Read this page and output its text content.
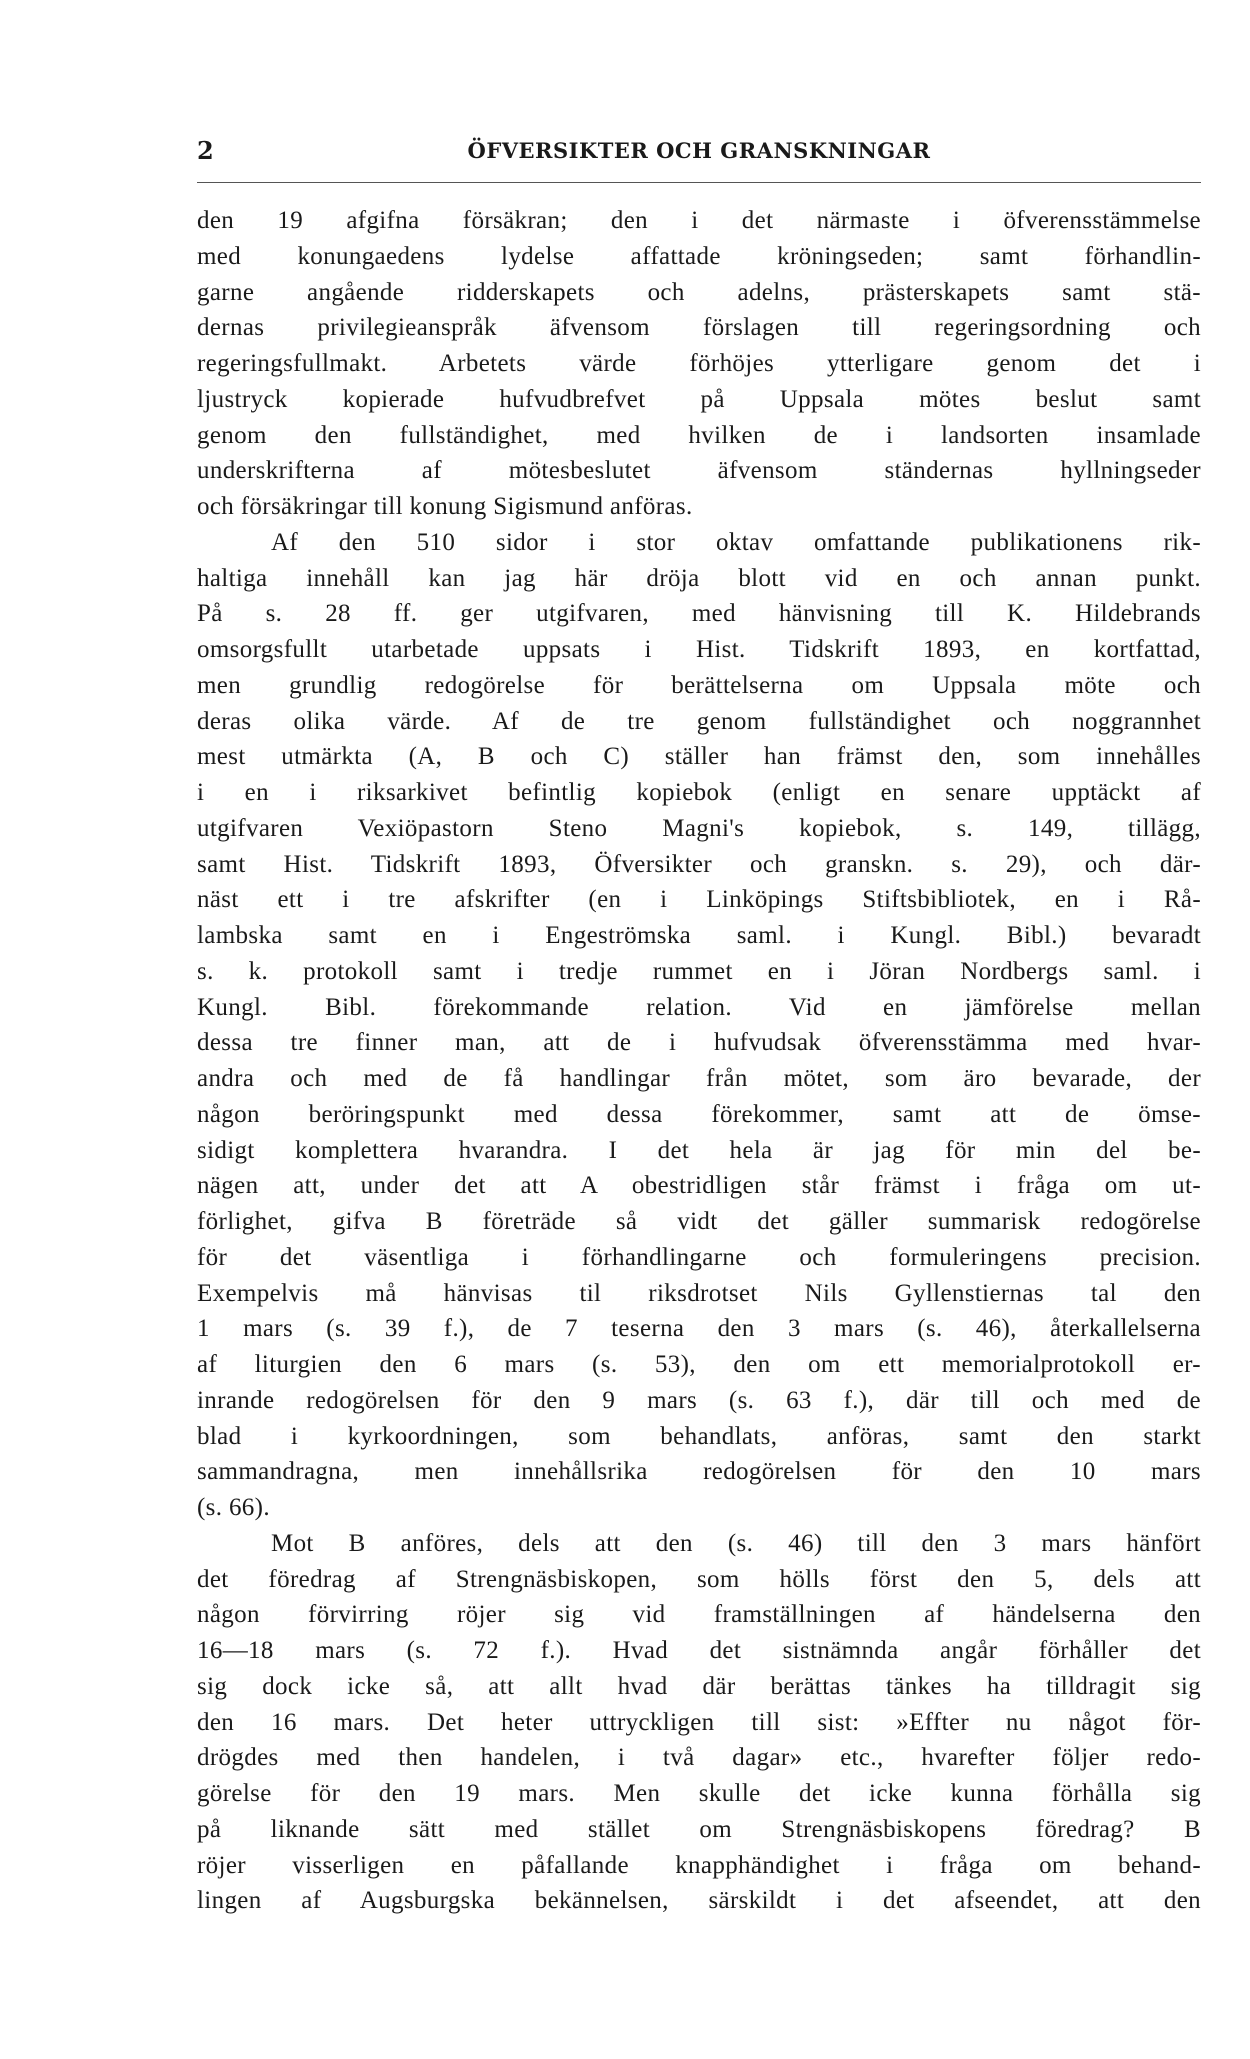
2	ÖFVERSIKTER OCH GRANSKNINGAR
den 19 afgifna försäkran; den i det närmaste i öfverensstämmelse
med konungaedens lydelse affattade kröningseden; samt förhandlin-
garne angående ridderskapets och adelns, prästerskapets samt stä-
dernas privilegieanspråk äfvensom förslagen till regeringsordning och
regeringsfullmakt. Arbetets värde förhöjes ytterligare genom det i
ljustryck kopierade hufvudbrefvet på Uppsala mötes beslut samt
genom den fullständighet, med hvilken de i landsorten insamlade
underskrifterna af mötesbeslutet äfvensom ständernas hyllningseder
och försäkringar till konung Sigismund anföras.
Af den 510 sidor i stor oktav omfattande publikationens rik-
haltiga innehåll kan jag här dröja blott vid en och annan punkt.
På s. 28 ff. ger utgifvaren, med hänvisning till K. Hildebrands
omsorgsfullt utarbetade uppsats i Hist. Tidskrift 1893, en kortfattad,
men grundlig redogörelse för berättelserna om Uppsala möte och
deras olika värde. Af de tre genom fullständighet och noggrannhet
mest utmärkta (A, B och C) ställer han främst den, som innehålles
i en i riksarkivet befintlig kopiebok (enligt en senare upptäckt af
utgifvaren Vexiöpastorn Steno Magni's kopiebok, s. 149, tillägg,
samt Hist. Tidskrift 1893, Öfversikter och granskn. s. 29), och där-
näst ett i tre afskrifter (en i Linköpings Stiftsbibliotek, en i Rå-
lambska samt en i Engeströmska saml. i Kungl. Bibl.) bevaradt
s. k. protokoll samt i tredje rummet en i Jöran Nordbergs saml. i
Kungl. Bibl. förekommande relation. Vid en jämförelse mellan
dessa tre finner man, att de i hufvudsak öfverensstämma med hvar-
andra och med de få handlingar från mötet, som äro bevarade, der
någon beröringspunkt med dessa förekommer, samt att de ömse-
sidigt komplettera hvarandra. I det hela är jag för min del be-
nägen att, under det att A obestridligen står främst i fråga om ut-
förlighet, gifva B företräde så vidt det gäller summarisk redogörelse
för det väsentliga i förhandlingarne och formuleringens precision.
Exempelvis må hänvisas til riksdrotset Nils Gyllenstiernas tal den
1 mars (s. 39 f.), de 7 teserna den 3 mars (s. 46), återkallelserna
af liturgien den 6 mars (s. 53), den om ett memorialprotokoll er-
inrande redogörelsen för den 9 mars (s. 63 f.), där till och med de
blad i kyrkoordningen, som behandlats, anföras, samt den starkt
sammandragna, men innehållsrika redogörelsen för den 10 mars
(s. 66).
Mot B anföres, dels att den (s. 46) till den 3 mars hänfört
det föredrag af Strengnäsbiskopen, som hölls först den 5, dels att
någon förvirring röjer sig vid framställningen af händelserna den
16—18 mars (s. 72 f.). Hvad det sistnämnda angår förhåller det
sig dock icke så, att allt hvad där berättas tänkes ha tilldragit sig
den 16 mars. Det heter uttryckligen till sist: »Effter nu något för-
drögdes med then handelen, i två dagar» etc., hvarefter följer redo-
görelse för den 19 mars. Men skulle det icke kunna förhålla sig
på liknande sätt med stället om Strengnäsbiskopens föredrag? B
röjer visserligen en påfallande knapphändighet i fråga om behand-
lingen af Augsburgska bekännelsen, särskildt i det afseendet, att den
